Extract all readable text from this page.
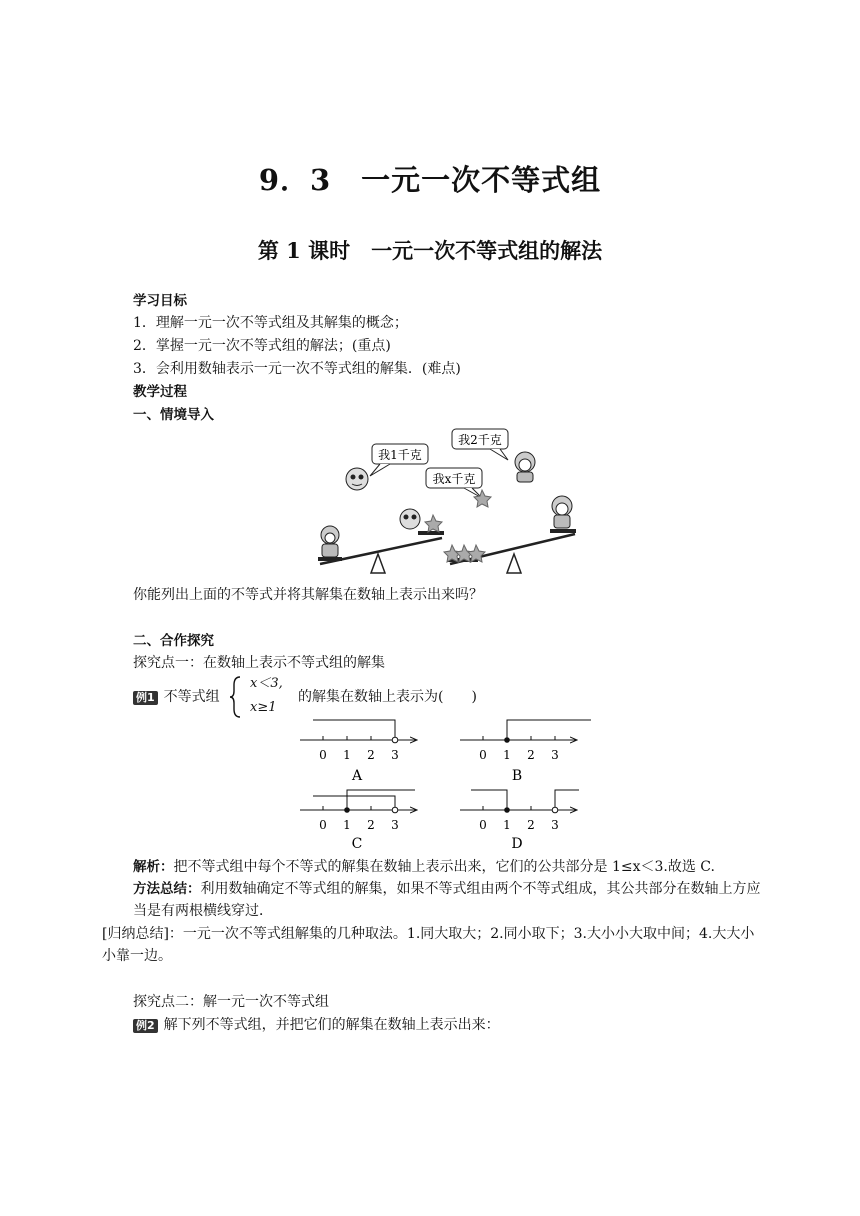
9．3　一元一次不等式组
第 1 课时　一元一次不等式组的解法
学习目标
1．理解一元一次不等式组及其解集的概念；
2．掌握一元一次不等式组的解法；(重点)
3．会利用数轴表示一元一次不等式组的解集．(难点)
教学过程
一、情境导入
我1千克
我2千克
我x千克
你能列出上面的不等式并将其解集在数轴上表示出来吗？
二、合作探究
探究点一：在数轴上表示不等式组的解集
例1 不等式组
x＜3,
x≥1
的解集在数轴上表示为(　　)
0 1 2 3
A
0 1 2 3
B
0 1 2 3
C
0 1 2 3
D
解析：把不等式组中每个不等式的解集在数轴上表示出来，它们的公共部分是 1≤x＜3.故选 C.
方法总结：利用数轴确定不等式组的解集，如果不等式组由两个不等式组成，其公共部分在数轴上方应当是有两根横线穿过．
[归纳总结]：一元一次不等式组解集的几种取法。1.同大取大；2.同小取下；3.大小小大取中间；4.大大小小靠一边。
探究点二：解一元一次不等式组
例2 解下列不等式组，并把它们的解集在数轴上表示出来：
